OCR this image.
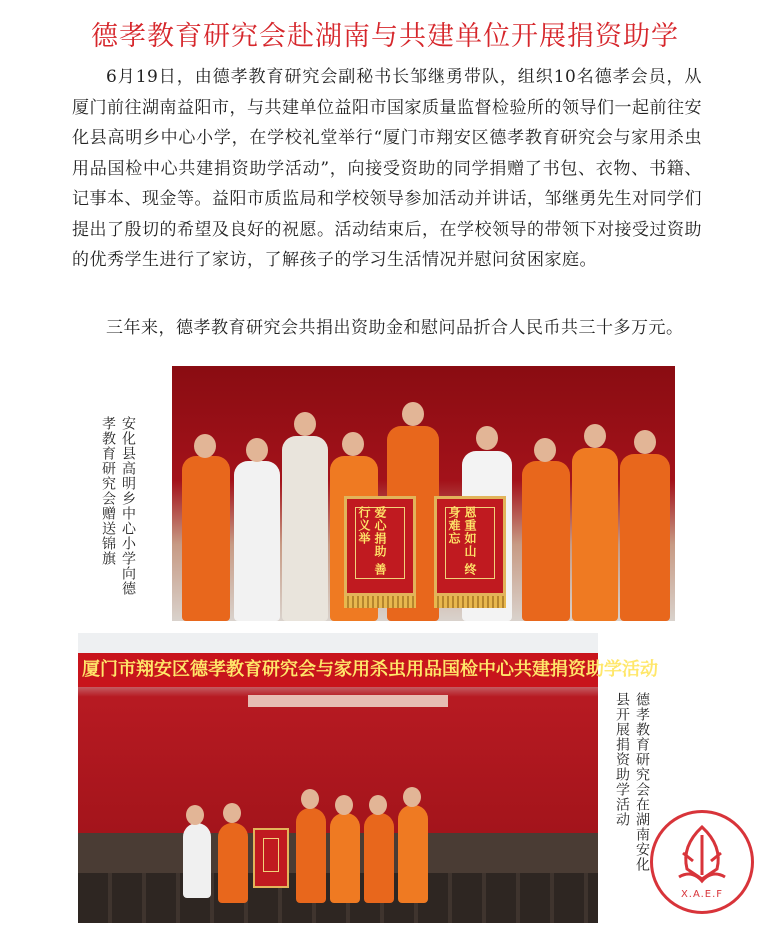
德孝教育研究会赴湖南与共建单位开展捐资助学

6月19日，由德孝教育研究会副秘书长邹继勇带队，组织10名德孝会员，从厦门前往湖南益阳市，与共建单位益阳市国家质量监督检验所的领导们一起前往安化县高明乡中心小学，在学校礼堂举行“厦门市翔安区德孝教育研究会与家用杀虫用品国检中心共建捐资助学活动”，向接受资助的同学捐赠了书包、衣物、书籍、记事本、现金等。益阳市质监局和学校领导参加活动并讲话，邹继勇先生对同学们提出了殷切的希望及良好的祝愿。活动结束后，在学校领导的带领下对接受过资助的优秀学生进行了家访，了解孩子的学习生活情况并慰问贫困家庭。

三年来，德孝教育研究会共捐出资助金和慰问品折合人民币共三十多万元。

爱心捐助 善行义举	恩重如山 终身难忘
安化县高明乡中心小学向德孝教育研究会赠送锦旗
厦门市翔安区德孝教育研究会与家用杀虫用品国检中心共建捐资助学活动
德孝教育研究会在湖南安化县开展捐资助学活动
X.A.E.F
